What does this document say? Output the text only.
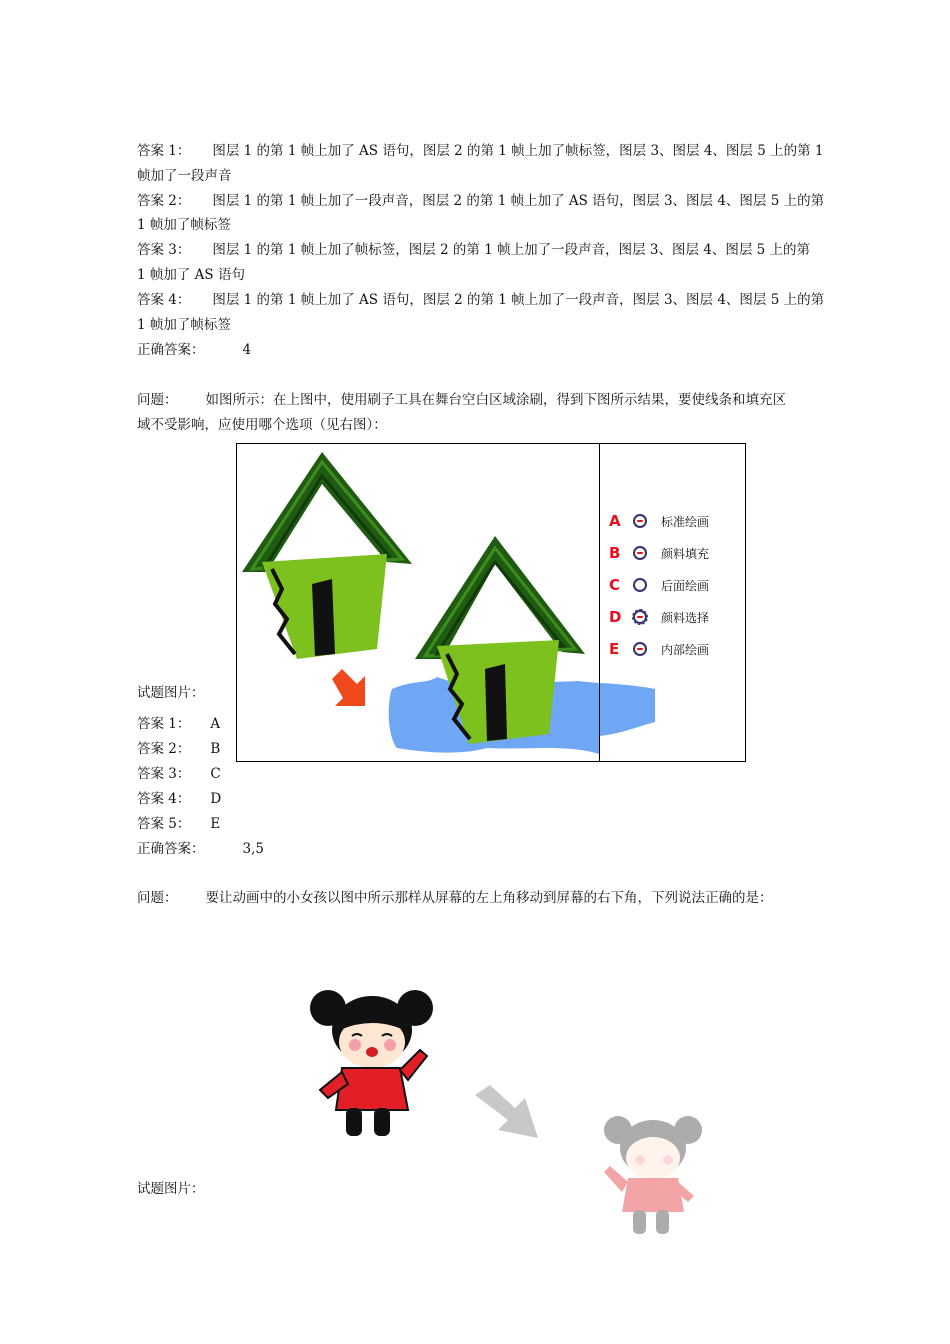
答案 1： 图层 1 的第 1 帧上加了 AS 语句，图层 2 的第 1 帧上加了帧标签，图层 3、图层 4、图层 5 上的第 1
帧加了一段声音
答案 2： 图层 1 的第 1 帧上加了一段声音，图层 2 的第 1 帧上加了 AS 语句，图层 3、图层 4、图层 5 上的第
1 帧加了帧标签
答案 3： 图层 1 的第 1 帧上加了帧标签，图层 2 的第 1 帧上加了一段声音，图层 3、图层 4、图层 5 上的第
1 帧加了 AS 语句
答案 4： 图层 1 的第 1 帧上加了 AS 语句，图层 2 的第 1 帧上加了一段声音，图层 3、图层 4、图层 5 上的第
1 帧加了帧标签
正确答案：	4
问题： 如图所示：在上图中，使用刷子工具在舞台空白区域涂刷，得到下图所示结果，要使线条和填充区
域不受影响，应使用哪个选项（见右图）：
A	标准绘画
B	颜料填充
C	后面绘画
D	颜料选择
E	内部绘画
试题图片：
答案 1： A
答案 2： B
答案 3： C
答案 4： D
答案 5： E
正确答案：	3,5
问题： 要让动画中的小女孩以图中所示那样从屏幕的左上角移动到屏幕的右下角，下列说法正确的是：
试题图片：
